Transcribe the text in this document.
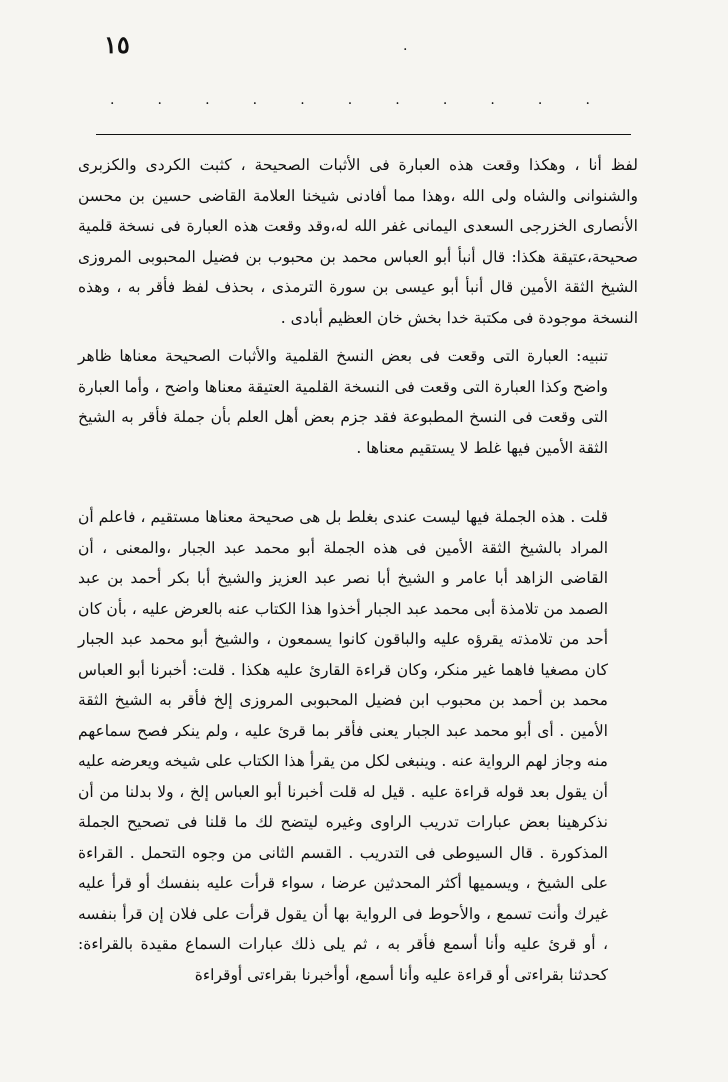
١٥	.
.	.	.	.	.	.	.	.	.	.	.

لفظ أنا ، وهكذا وقعت هذه العبارة فى الأثبات الصحيحة ، كثبت الكردى والكزبرى والشنوانى والشاه ولى الله ،وهذا مما أفادنى شيخنا العلامة القاضى حسين بن محسن الأنصارى الخزرجى السعدى اليمانى غفر الله له،وقد وقعت هذه العبارة فى نسخة قلمية صحيحة،عتيقة هكذا: قال أنبأ أبو العباس محمد بن محبوب بن فضيل المحبوبى المروزى الشيخ الثقة الأمين قال أنبأ أبو عيسى بن سورة الترمذى ، بحذف لفظ فأقر به ، وهذه النسخة موجودة فى مكتبة خدا بخش خان العظيم أبادى .

تنبيه: العبارة التى وقعت فى بعض النسخ القلمية والأثبات الصحيحة معناها ظاهر واضح وكذا العبارة التى وقعت فى النسخة القلمية العتيقة معناها واضح ، وأما العبارة التى وقعت فى النسخ المطبوعة فقد جزم بعض أهل العلم بأن جملة فأقر به الشيخ الثقة الأمين فيها غلط لا يستقيم معناها .

قلت . هذه الجملة فيها ليست عندى بغلط بل هى صحيحة معناها مستقيم ، فاعلم أن المراد بالشيخ الثقة الأمين فى هذه الجملة أبو محمد عبد الجبار ،والمعنى ، أن القاضى الزاهد أبا عامر و الشيخ أبا نصر عبد العزيز والشيخ أبا بكر أحمد بن عبد الصمد من تلامذة أبى محمد عبد الجبار أخذوا هذا الكتاب عنه بالعرض عليه ، بأن كان أحد من تلامذته يقرؤه عليه والباقون كانوا يسمعون ، والشيخ أبو محمد عبد الجبار كان مصغيا فاهما غير منكر، وكان قراءة القارئ عليه هكذا . قلت: أخبرنا أبو العباس محمد بن أحمد بن محبوب ابن فضيل المحبوبى المروزى إلخ فأقر به الشيخ الثقة الأمين . أى أبو محمد عبد الجبار يعنى فأقر بما قرئ عليه ، ولم ينكر فصح سماعهم منه وجاز لهم الرواية عنه . وينبغى لكل من يقرأ هذا الكتاب على شيخه ويعرضه عليه أن يقول بعد قوله قراءة عليه . قيل له قلت أخبرنا أبو العباس إلخ ، ولا بدلنا من أن نذكرهينا بعض عبارات تدريب الراوى وغيره ليتضح لك ما قلنا فى تصحيح الجملة المذكورة . قال السيوطى فى التدريب . القسم الثانى من وجوه التحمل . القراءة على الشيخ ، ويسميها أكثر المحدثين عرضا ، سواء قرأت عليه بنفسك أو قرأ عليه غيرك وأنت تسمع ، والأحوط فى الرواية بها أن يقول قرأت على فلان إن قرأ بنفسه ، أو قرئ عليه وأنا أسمع فأقر به ، ثم يلى ذلك عبارات السماع مقيدة بالقراءة: كحدثنا بقراءتى أو قراءة عليه وأنا أسمع، أوأخبرنا بقراءتى أوقراءة
